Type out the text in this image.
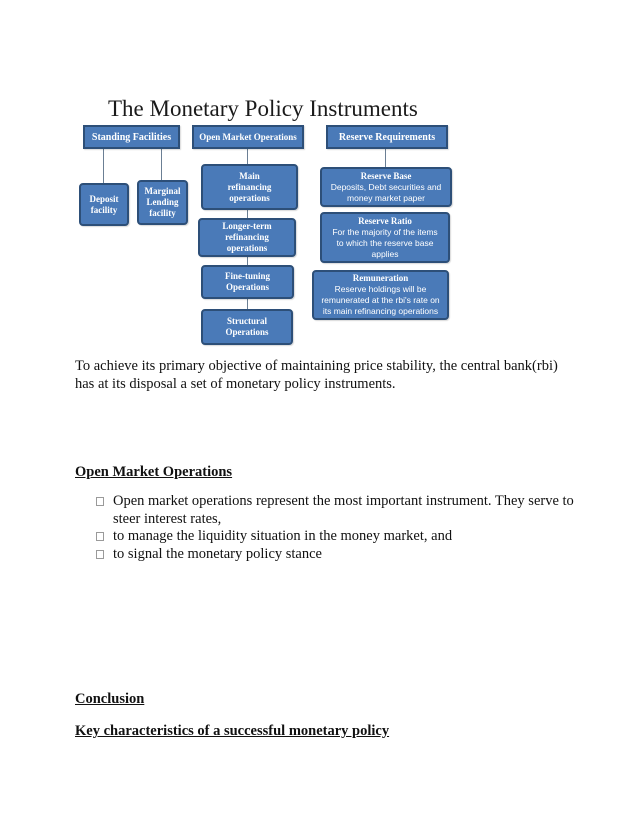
The Monetary Policy Instruments
Standing Facilities	Open Market Operations	Reserve Requirements
Deposit facility
Marginal Lending facility
Main refinancing operations
Longer-term refinancing operations
Fine-tuning Operations
Structural Operations
Reserve Base
Deposits, Debt securities and money market paper
Reserve Ratio
For the majority of the items to which the reserve base applies
Remuneration
Reserve holdings will be remunerated at the rbi's rate on its main refinancing operations
To achieve its primary objective of maintaining price stability, the central bank(rbi) has at its disposal a set of monetary policy instruments.
Open Market Operations
Open market operations represent the most important instrument. They serve to steer interest rates,
to manage the liquidity situation in the money market, and
to signal the monetary policy stance
Conclusion
Key characteristics of a successful monetary policy
